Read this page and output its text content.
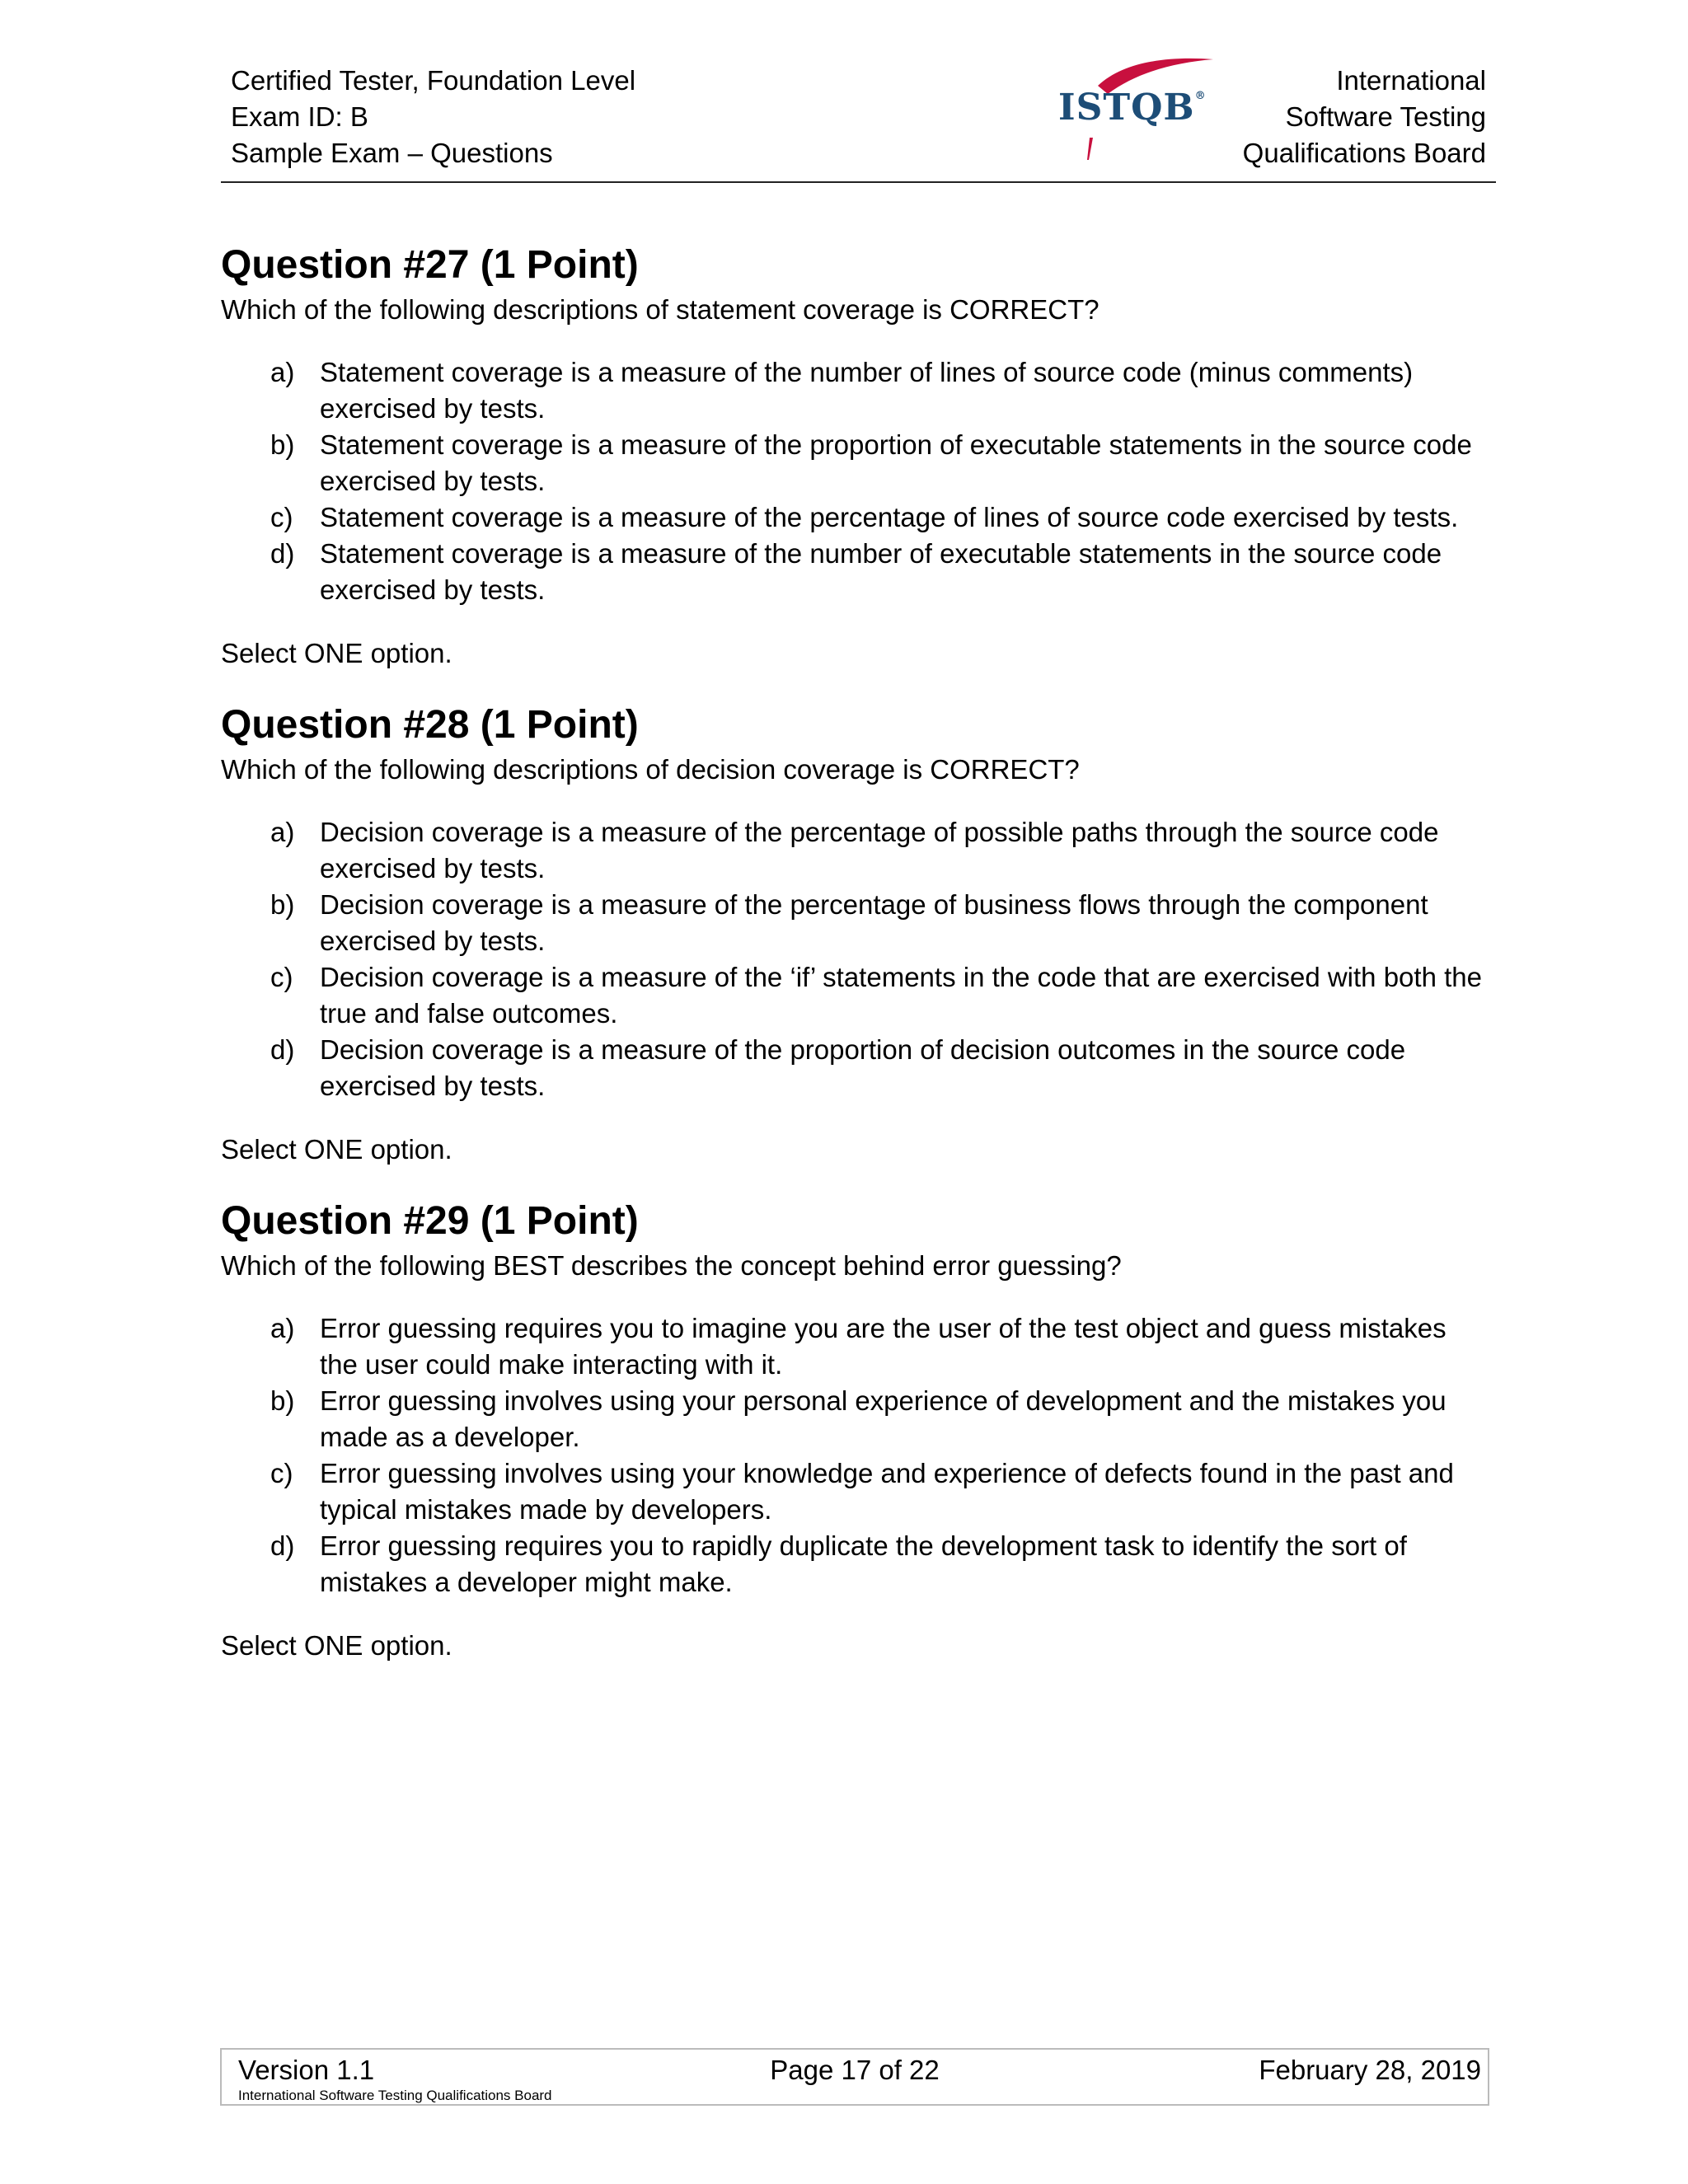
Certified Tester, Foundation Level
Exam ID: B
Sample Exam – Questions
ISTQB®
International
Software Testing
Qualifications Board
Question #27 (1 Point)

Which of the following descriptions of statement coverage is CORRECT?

a) Statement coverage is a measure of the number of lines of source code (minus comments) exercised by tests.
b) Statement coverage is a measure of the proportion of executable statements in the source code exercised by tests.
c) Statement coverage is a measure of the percentage of lines of source code exercised by tests.
d) Statement coverage is a measure of the number of executable statements in the source code exercised by tests.

Select ONE option.

Question #28 (1 Point)

Which of the following descriptions of decision coverage is CORRECT?

a) Decision coverage is a measure of the percentage of possible paths through the source code exercised by tests.
b) Decision coverage is a measure of the percentage of business flows through the component exercised by tests.
c) Decision coverage is a measure of the ‘if’ statements in the code that are exercised with both the true and false outcomes.
d) Decision coverage is a measure of the proportion of decision outcomes in the source code exercised by tests.

Select ONE option.

Question #29 (1 Point)

Which of the following BEST describes the concept behind error guessing?

a) Error guessing requires you to imagine you are the user of the test object and guess mistakes the user could make interacting with it.
b) Error guessing involves using your personal experience of development and the mistakes you made as a developer.
c) Error guessing involves using your knowledge and experience of defects found in the past and typical mistakes made by developers.
d) Error guessing requires you to rapidly duplicate the development task to identify the sort of mistakes a developer might make.

Select ONE option.

Version 1.1
International Software Testing Qualifications Board
Page 17 of 22	February 28, 2019
